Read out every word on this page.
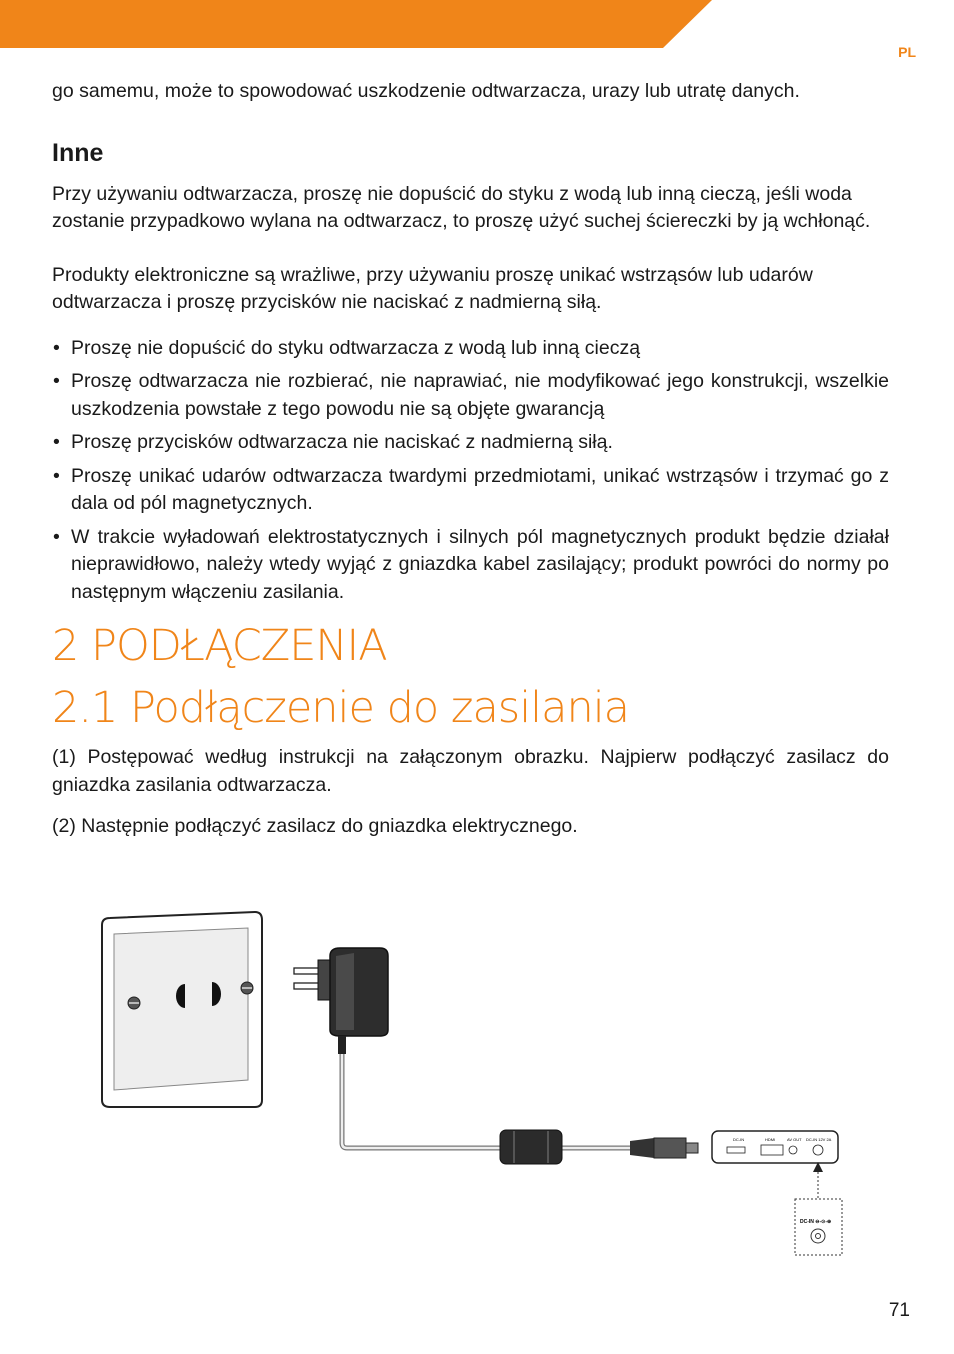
PL

go samemu, może to spowodować uszkodzenie odtwarzacza, urazy lub utratę danych.

Inne

Przy używaniu odtwarzacza, proszę nie dopuścić do styku z wodą lub inną cieczą, jeśli woda zostanie przypadkowo wylana na odtwarzacz, to proszę użyć suchej ściereczki by ją wchłonąć.

Produkty elektroniczne są wrażliwe, przy używaniu proszę unikać wstrząsów lub udarów odtwarzacza i proszę przycisków nie naciskać z nadmierną siłą.

• Proszę nie dopuścić do styku odtwarzacza z wodą lub inną cieczą
• Proszę odtwarzacza nie rozbierać, nie naprawiać, nie modyfikować jego konstrukcji, wszelkie uszkodzenia powstałe z tego powodu nie są objęte gwarancją
• Proszę przycisków odtwarzacza nie naciskać z nadmierną siłą.
• Proszę unikać udarów odtwarzacza twardymi przedmiotami, unikać wstrząsów i trzymać go z dala od pól magnetycznych.
• W trakcie wyładowań elektrostatycznych i silnych pól magnetycznych produkt będzie działał nieprawidłowo, należy wtedy wyjąć z gniazdka kabel zasilający; produkt powróci do normy po następnym włączeniu zasilania.
2 PODŁĄCZENIA
2.1 Podłączenie do zasilania

(1) Postępować według instrukcji na załączonym obrazku. Najpierw podłączyć zasilacz do gniazdka zasilania odtwarzacza.

(2) Następnie podłączyć zasilacz do gniazdka elektrycznego.

DC-IN	HDMI	AV OUT DC-IN 12V 2A
DC-IN ⊖-⊙-⊕
71
